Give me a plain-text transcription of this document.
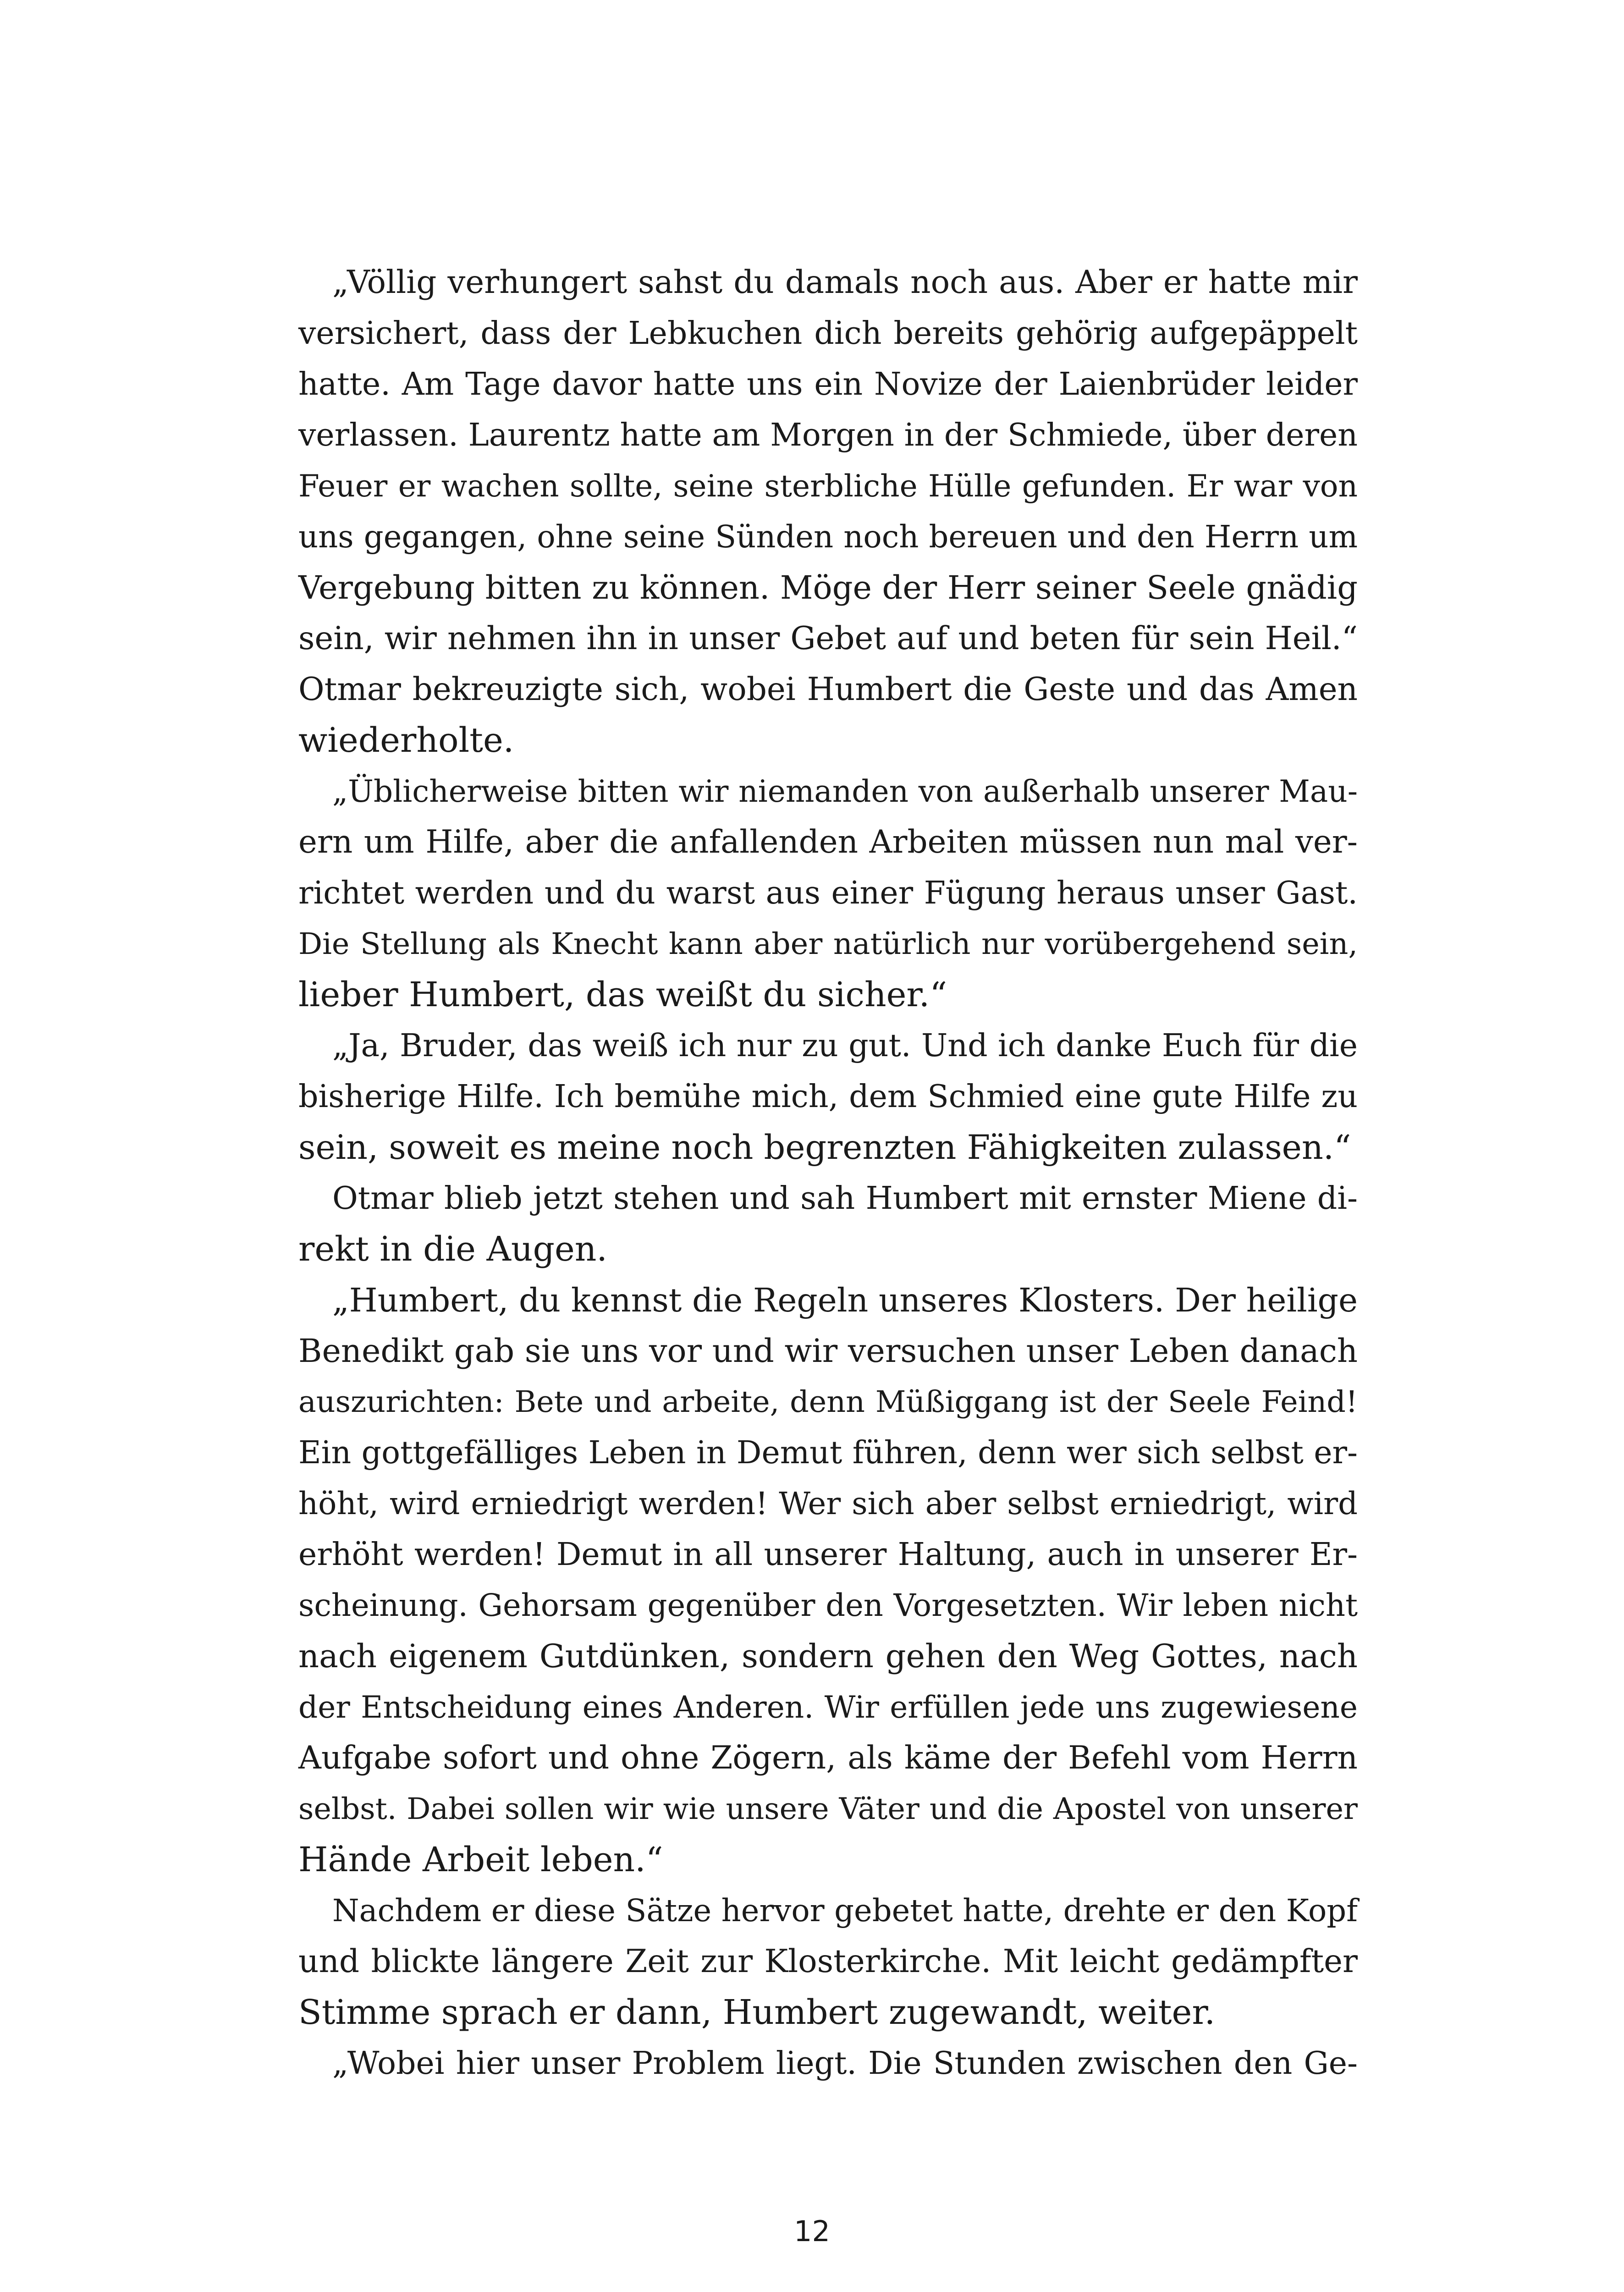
„Völlig verhungert sahst du damals noch aus. Aber er hatte mir
versichert, dass der Lebkuchen dich bereits gehörig aufgepäppelt
hatte. Am Tage davor hatte uns ein Novize der Laienbrüder leider
verlassen. Laurentz hatte am Morgen in der Schmiede, über deren
Feuer er wachen sollte, seine sterbliche Hülle gefunden. Er war von
uns gegangen, ohne seine Sünden noch bereuen und den Herrn um
Vergebung bitten zu können. Möge der Herr seiner Seele gnädig
sein, wir nehmen ihn in unser Gebet auf und beten für sein Heil.“
Otmar bekreuzigte sich, wobei Humbert die Geste und das Amen
wiederholte.
„Üblicherweise bitten wir niemanden von außerhalb unserer Mau-
ern um Hilfe, aber die anfallenden Arbeiten müssen nun mal ver-
richtet werden und du warst aus einer Fügung heraus unser Gast.
Die Stellung als Knecht kann aber natürlich nur vorübergehend sein,
lieber Humbert, das weißt du sicher.“
„Ja, Bruder, das weiß ich nur zu gut. Und ich danke Euch für die
bisherige Hilfe. Ich bemühe mich, dem Schmied eine gute Hilfe zu
sein, soweit es meine noch begrenzten Fähigkeiten zulassen.“
Otmar blieb jetzt stehen und sah Humbert mit ernster Miene di-
rekt in die Augen.
„Humbert, du kennst die Regeln unseres Klosters. Der heilige
Benedikt gab sie uns vor und wir versuchen unser Leben danach
auszurichten: Bete und arbeite, denn Müßiggang ist der Seele Feind!
Ein gottgefälliges Leben in Demut führen, denn wer sich selbst er-
höht, wird erniedrigt werden! Wer sich aber selbst erniedrigt, wird
erhöht werden! Demut in all unserer Haltung, auch in unserer Er-
scheinung. Gehorsam gegenüber den Vorgesetzten. Wir leben nicht
nach eigenem Gutdünken, sondern gehen den Weg Gottes, nach
der Entscheidung eines Anderen. Wir erfüllen jede uns zugewiesene
Aufgabe sofort und ohne Zögern, als käme der Befehl vom Herrn
selbst. Dabei sollen wir wie unsere Väter und die Apostel von unserer
Hände Arbeit leben.“
Nachdem er diese Sätze hervor gebetet hatte, drehte er den Kopf
und blickte längere Zeit zur Klosterkirche. Mit leicht gedämpfter
Stimme sprach er dann, Humbert zugewandt, weiter.
„Wobei hier unser Problem liegt. Die Stunden zwischen den Ge-
12
